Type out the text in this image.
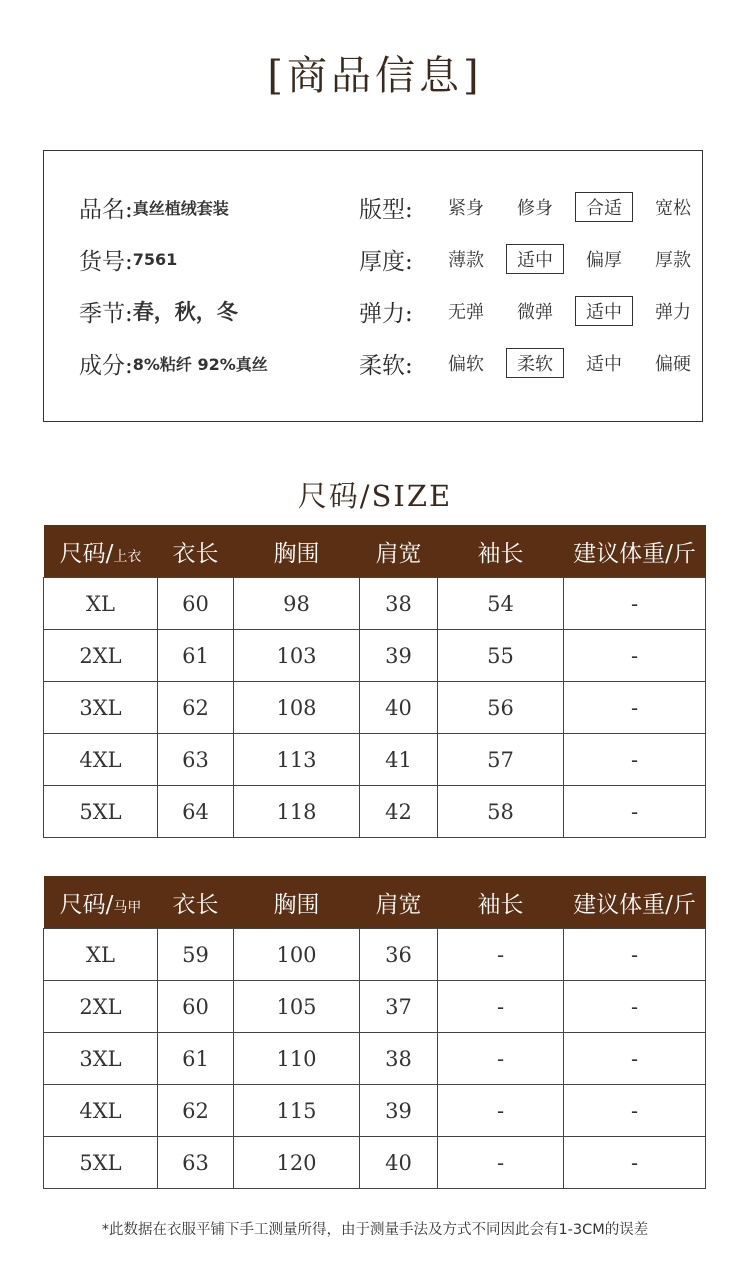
[商品信息]
品名: 真丝植绒套装
货号: 7561
季节: 春，秋，冬
成分: 8%粘纤 92%真丝
版型:	紧身	修身	合适	宽松
厚度:	薄款	适中	偏厚	厚款
弹力:	无弹	微弹	适中	弹力
柔软:	偏软	柔软	适中	偏硬
尺码/SIZE
尺码/上衣	衣长	胸围	肩宽	袖长	建议体重/斤
XL	60	98	38	54	-
2XL	61	103	39	55	-
3XL	62	108	40	56	-
4XL	63	113	41	57	-
5XL	64	118	42	58	-
尺码/马甲	衣长	胸围	肩宽	袖长	建议体重/斤
XL	59	100	36	-	-
2XL	60	105	37	-	-
3XL	61	110	38	-	-
4XL	62	115	39	-	-
5XL	63	120	40	-	-
*此数据在衣服平铺下手工测量所得，由于测量手法及方式不同因此会有1-3CM的误差
